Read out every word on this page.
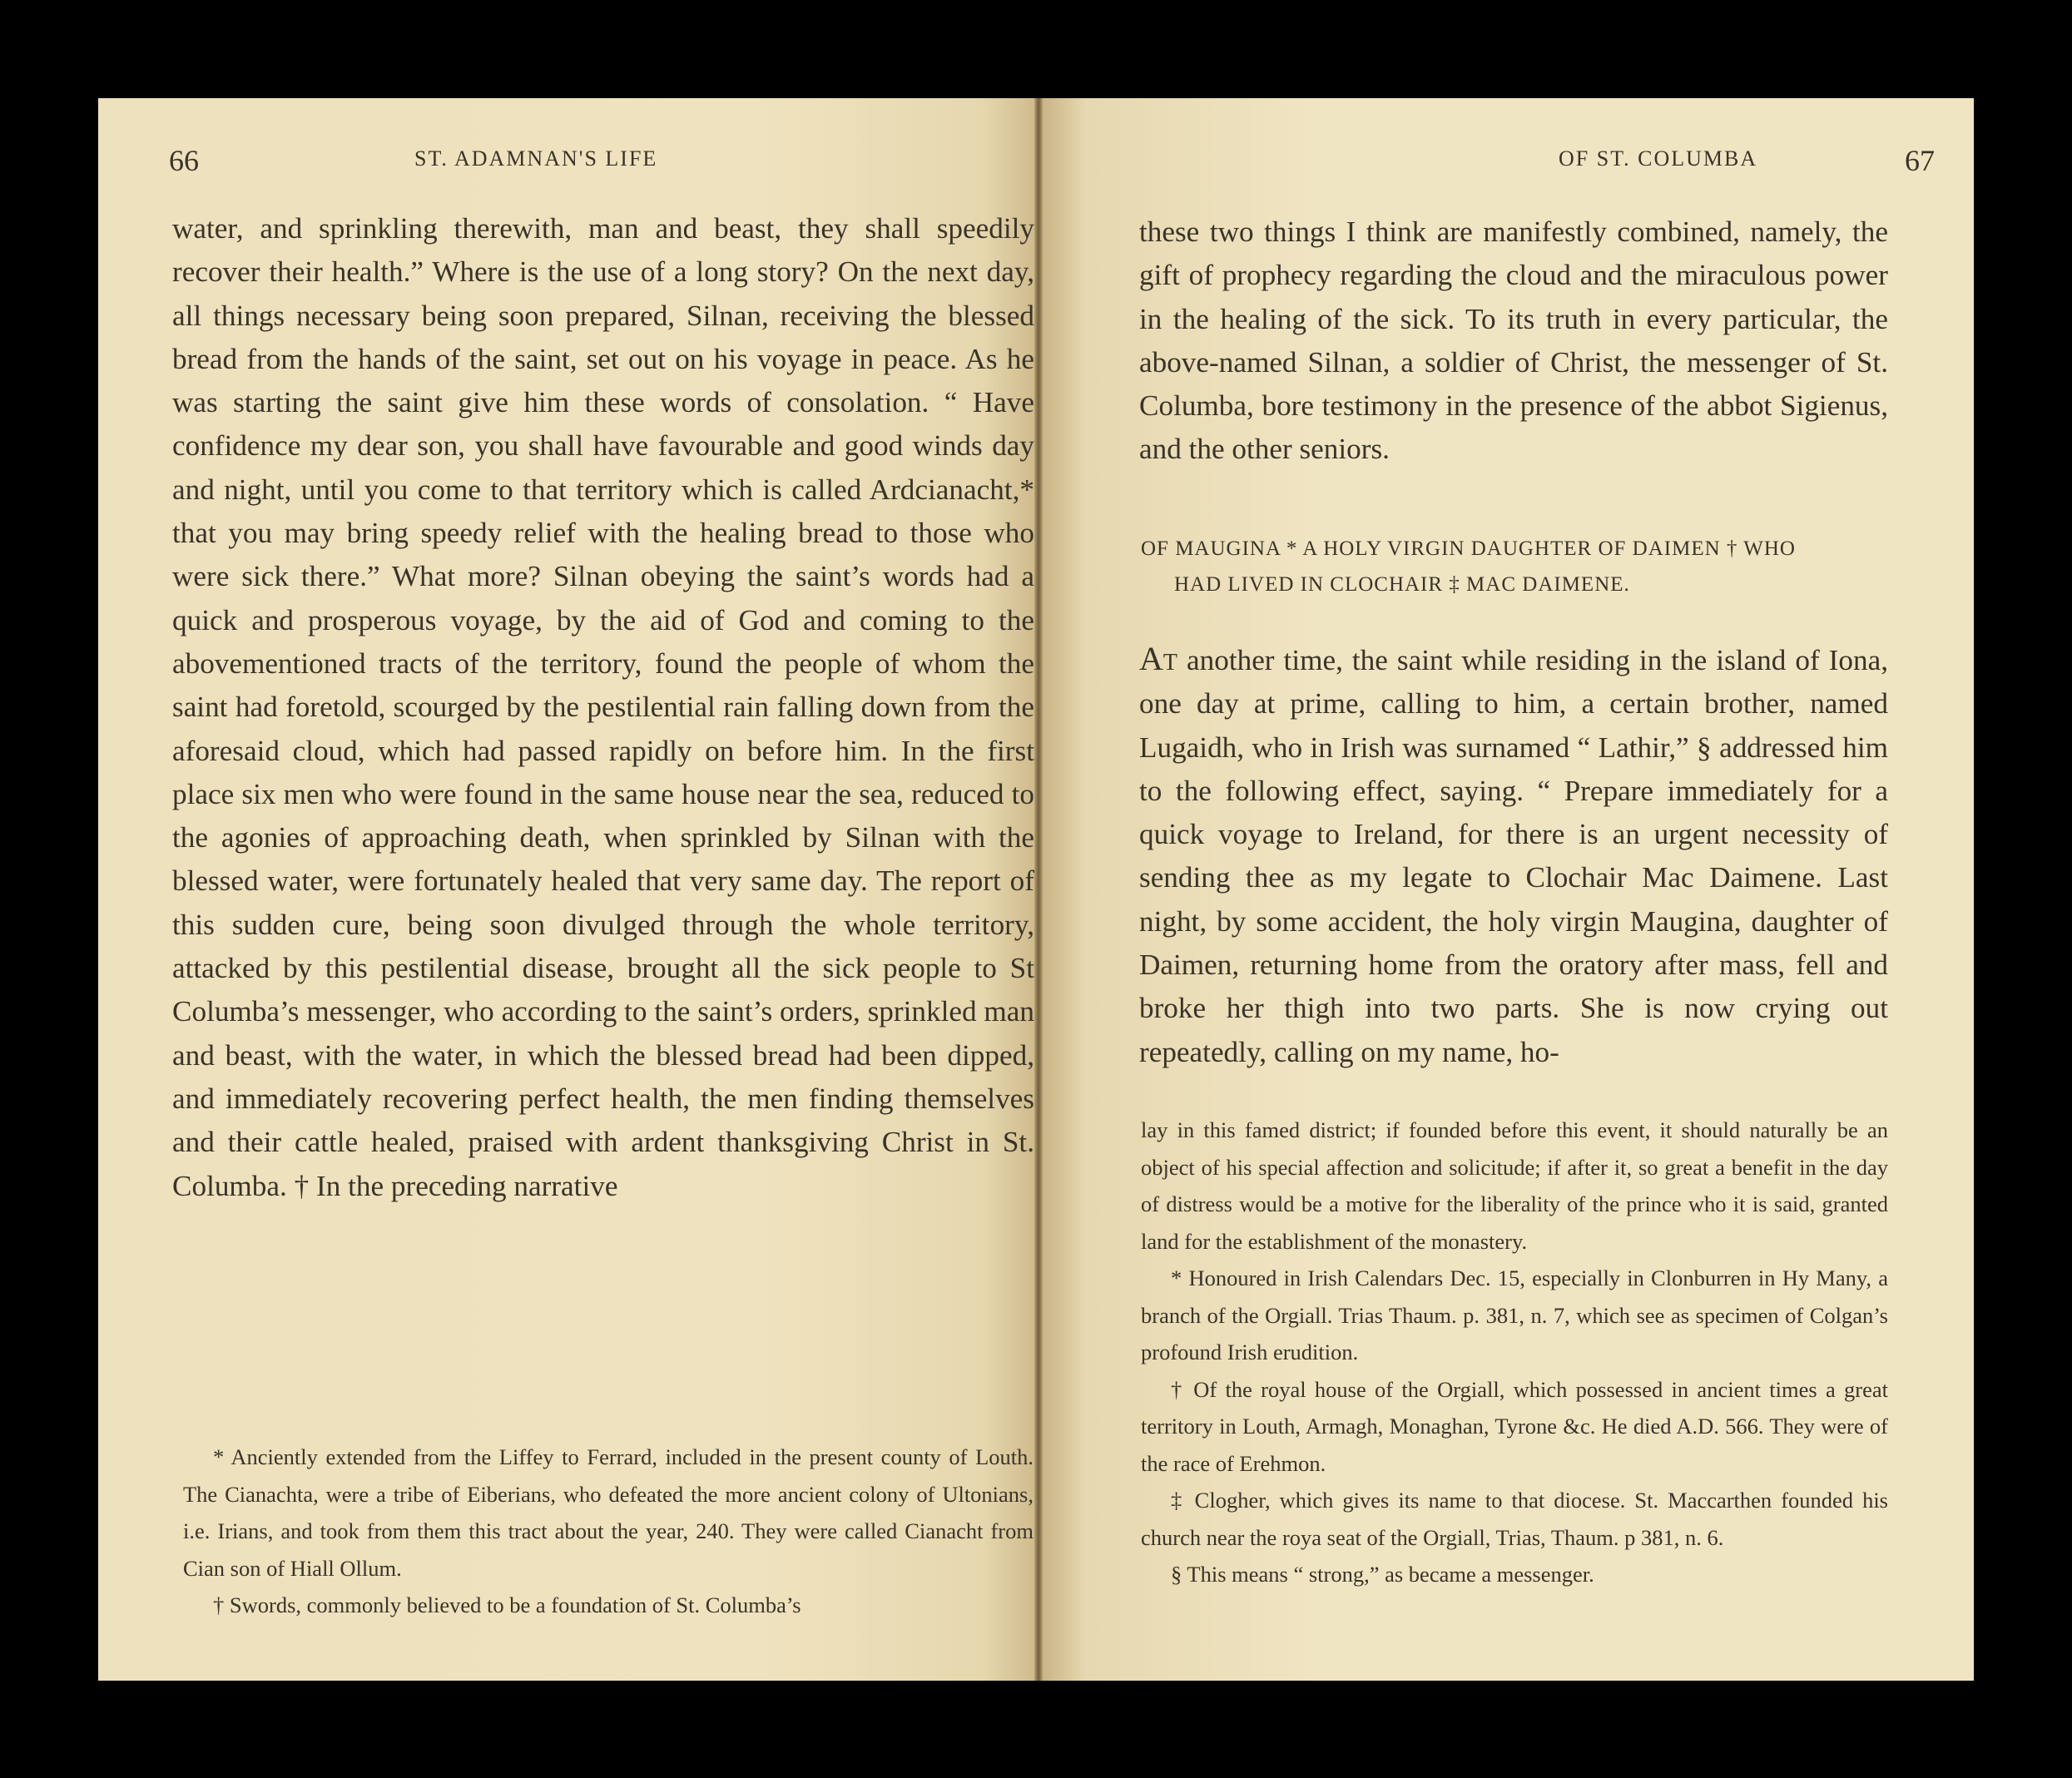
66	ST. ADAMNAN'S LIFE

water, and sprinkling therewith, man and beast, they shall speedily recover their health.” Where is the use of a long story? On the next day, all things necessary being soon prepared, Silnan, receiving the blessed bread from the hands of the saint, set out on his voyage in peace. As he was starting the saint give him these words of consolation. “ Have confidence my dear son, you shall have favourable and good winds day and night, until you come to that territory which is called Ardcianacht,* that you may bring speedy relief with the healing bread to those who were sick there.” What more? Silnan obeying the saint’s words had a quick and prosperous voyage, by the aid of God and coming to the abovementioned tracts of the territory, found the people of whom the saint had foretold, scourged by the pestilential rain falling down from the aforesaid cloud, which had passed rapidly on before him. In the first place six men who were found in the same house near the sea, reduced to the agonies of approaching death, when sprinkled by Silnan with the blessed water, were fortunately healed that very same day. The report of this sudden cure, being soon divulged through the whole territory, attacked by this pestilential disease, brought all the sick people to St Columba’s messenger, who according to the saint’s orders, sprinkled man and beast, with the water, in which the blessed bread had been dipped, and immediately recovering perfect health, the men finding themselves and their cattle healed, praised with ardent thanksgiving Christ in St. Columba. † In the preceding narrative

* Anciently extended from the Liffey to Ferrard, included in the present county of Louth. The Cianachta, were a tribe of Eiberians, who defeated the more ancient colony of Ultonians, i.e. Irians, and took from them this tract about the year, 240. They were called Cianacht from Cian son of Hiall Ollum.

† Swords, commonly believed to be a foundation of St. Columba’s

OF ST. COLUMBA	67

these two things I think are manifestly combined, namely, the gift of prophecy regarding the cloud and the miraculous power in the healing of the sick. To its truth in every particular, the above-named Silnan, a soldier of Christ, the messenger of St. Columba, bore testimony in the presence of the abbot Sigienus, and the other seniors.

OF MAUGINA * A HOLY VIRGIN DAUGHTER OF DAIMEN † WHO
HAD LIVED IN CLOCHAIR ‡ MAC DAIMENE.

At another time, the saint while residing in the island of Iona, one day at prime, calling to him, a certain brother, named Lugaidh, who in Irish was surnamed “ Lathir,” § addressed him to the following effect, saying. “ Prepare immediately for a quick voyage to Ireland, for there is an urgent necessity of sending thee as my legate to Clochair Mac Daimene. Last night, by some accident, the holy virgin Maugina, daughter of Daimen, returning home from the oratory after mass, fell and broke her thigh into two parts. She is now crying out repeatedly, calling on my name, ho-

lay in this famed district; if founded before this event, it should naturally be an object of his special affection and solicitude; if after it, so great a benefit in the day of distress would be a motive for the liberality of the prince who it is said, granted land for the establishment of the monastery.

* Honoured in Irish Calendars Dec. 15, especially in Clonburren in Hy Many, a branch of the Orgiall. Trias Thaum. p. 381, n. 7, which see as specimen of Colgan’s profound Irish erudition.

† Of the royal house of the Orgiall, which possessed in ancient times a great territory in Louth, Armagh, Monaghan, Tyrone &c. He died A.D. 566. They were of the race of Erehmon.

‡ Clogher, which gives its name to that diocese. St. Maccarthen founded his church near the roya seat of the Orgiall, Trias, Thaum. p 381, n. 6.

§ This means “ strong,” as became a messenger.
